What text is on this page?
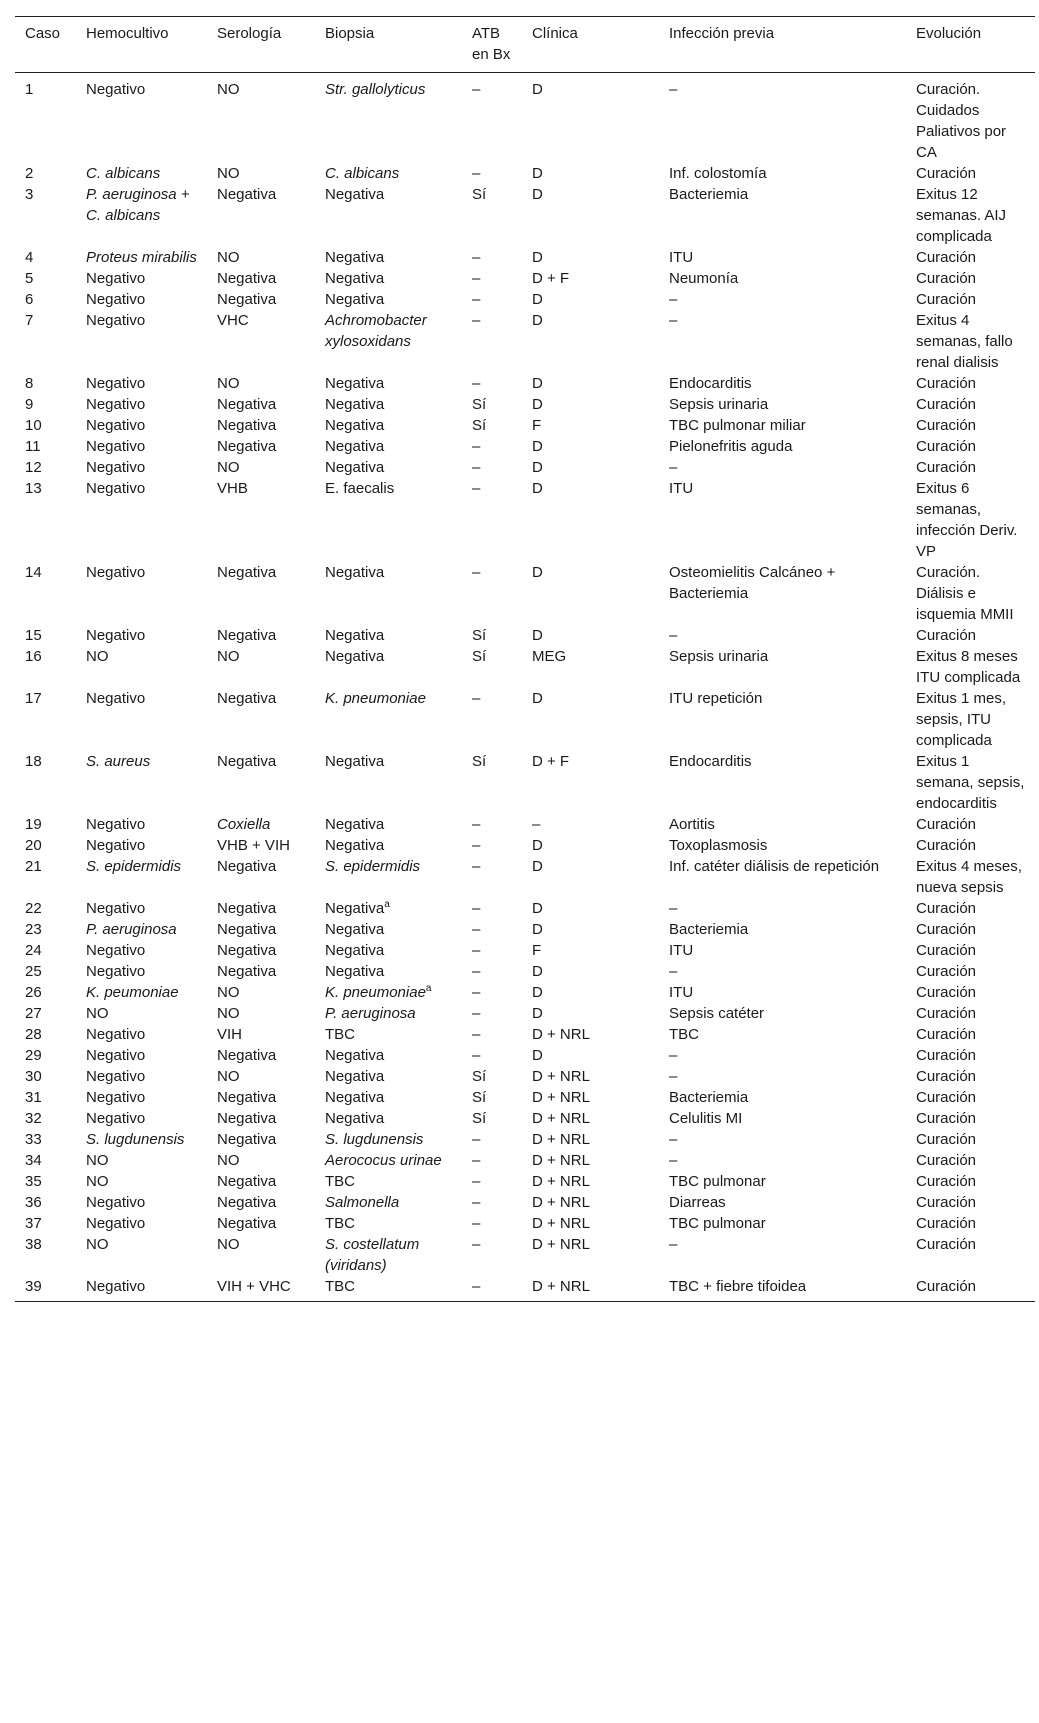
Caso	Hemocultivo	Serología	Biopsia	ATB en Bx	Clínica	Infección previa	Evolución
1	Negativo	NO	Str. gallolyticus	–	D	–	Curación. Cuidados Paliativos por CA
2	C. albicans	NO	C. albicans	–	D	Inf. colostomía	Curación
3	P. aeruginosa + C. albicans	Negativa	Negativa	Sí	D	Bacteriemia	Exitus 12 semanas. AIJ complicada
4	Proteus mirabilis	NO	Negativa	–	D	ITU	Curación
5	Negativo	Negativa	Negativa	–	D + F	Neumonía	Curación
6	Negativo	Negativa	Negativa	–	D	–	Curación
7	Negativo	VHC	Achromobacter xylosoxidans	–	D	–	Exitus 4 semanas, fallo renal dialisis
8	Negativo	NO	Negativa	–	D	Endocarditis	Curación
9	Negativo	Negativa	Negativa	Sí	D	Sepsis urinaria	Curación
10	Negativo	Negativa	Negativa	Sí	F	TBC pulmonar miliar	Curación
11	Negativo	Negativa	Negativa	–	D	Pielonefritis aguda	Curación
12	Negativo	NO	Negativa	–	D	–	Curación
13	Negativo	VHB	E. faecalis	–	D	ITU	Exitus 6 semanas, infección Deriv. VP
14	Negativo	Negativa	Negativa	–	D	Osteomielitis Calcáneo + Bacteriemia	Curación. Diálisis e isquemia MMII
15	Negativo	Negativa	Negativa	Sí	D	–	Curación
16	NO	NO	Negativa	Sí	MEG	Sepsis urinaria	Exitus 8 meses ITU complicada
17	Negativo	Negativa	K. pneumoniae	–	D	ITU repetición	Exitus 1 mes, sepsis, ITU complicada
18	S. aureus	Negativa	Negativa	Sí	D + F	Endocarditis	Exitus 1 semana, sepsis, endocarditis
19	Negativo	Coxiella	Negativa	–	–	Aortitis	Curación
20	Negativo	VHB + VIH	Negativa	–	D	Toxoplasmosis	Curación
21	S. epidermidis	Negativa	S. epidermidis	–	D	Inf. catéter diálisis de repetición	Exitus 4 meses, nueva sepsis
22	Negativo	Negativa	Negativa$^a$	–	D	–	Curación
23	P. aeruginosa	Negativa	Negativa	–	D	Bacteriemia	Curación
24	Negativo	Negativa	Negativa	–	F	ITU	Curación
25	Negativo	Negativa	Negativa	–	D	–	Curación
26	K. peumoniae	NO	K. pneumoniae$^a$	–	D	ITU	Curación
27	NO	NO	P. aeruginosa	–	D	Sepsis catéter	Curación
28	Negativo	VIH	TBC	–	D + NRL	TBC	Curación
29	Negativo	Negativa	Negativa	–	D	–	Curación
30	Negativo	NO	Negativa	Sí	D + NRL	–	Curación
31	Negativo	Negativa	Negativa	Sí	D + NRL	Bacteriemia	Curación
32	Negativo	Negativa	Negativa	Sí	D + NRL	Celulitis MI	Curación
33	S. lugdunensis	Negativa	S. lugdunensis	–	D + NRL	–	Curación
34	NO	NO	Aerococus urinae	–	D + NRL	–	Curación
35	NO	Negativa	TBC	–	D + NRL	TBC pulmonar	Curación
36	Negativo	Negativa	Salmonella	–	D + NRL	Diarreas	Curación
37	Negativo	Negativa	TBC	–	D + NRL	TBC pulmonar	Curación
38	NO	NO	S. costellatum (viridans)	–	D + NRL	–	Curación
39	Negativo	VIH + VHC	TBC	–	D + NRL	TBC + fiebre tifoidea	Curación
